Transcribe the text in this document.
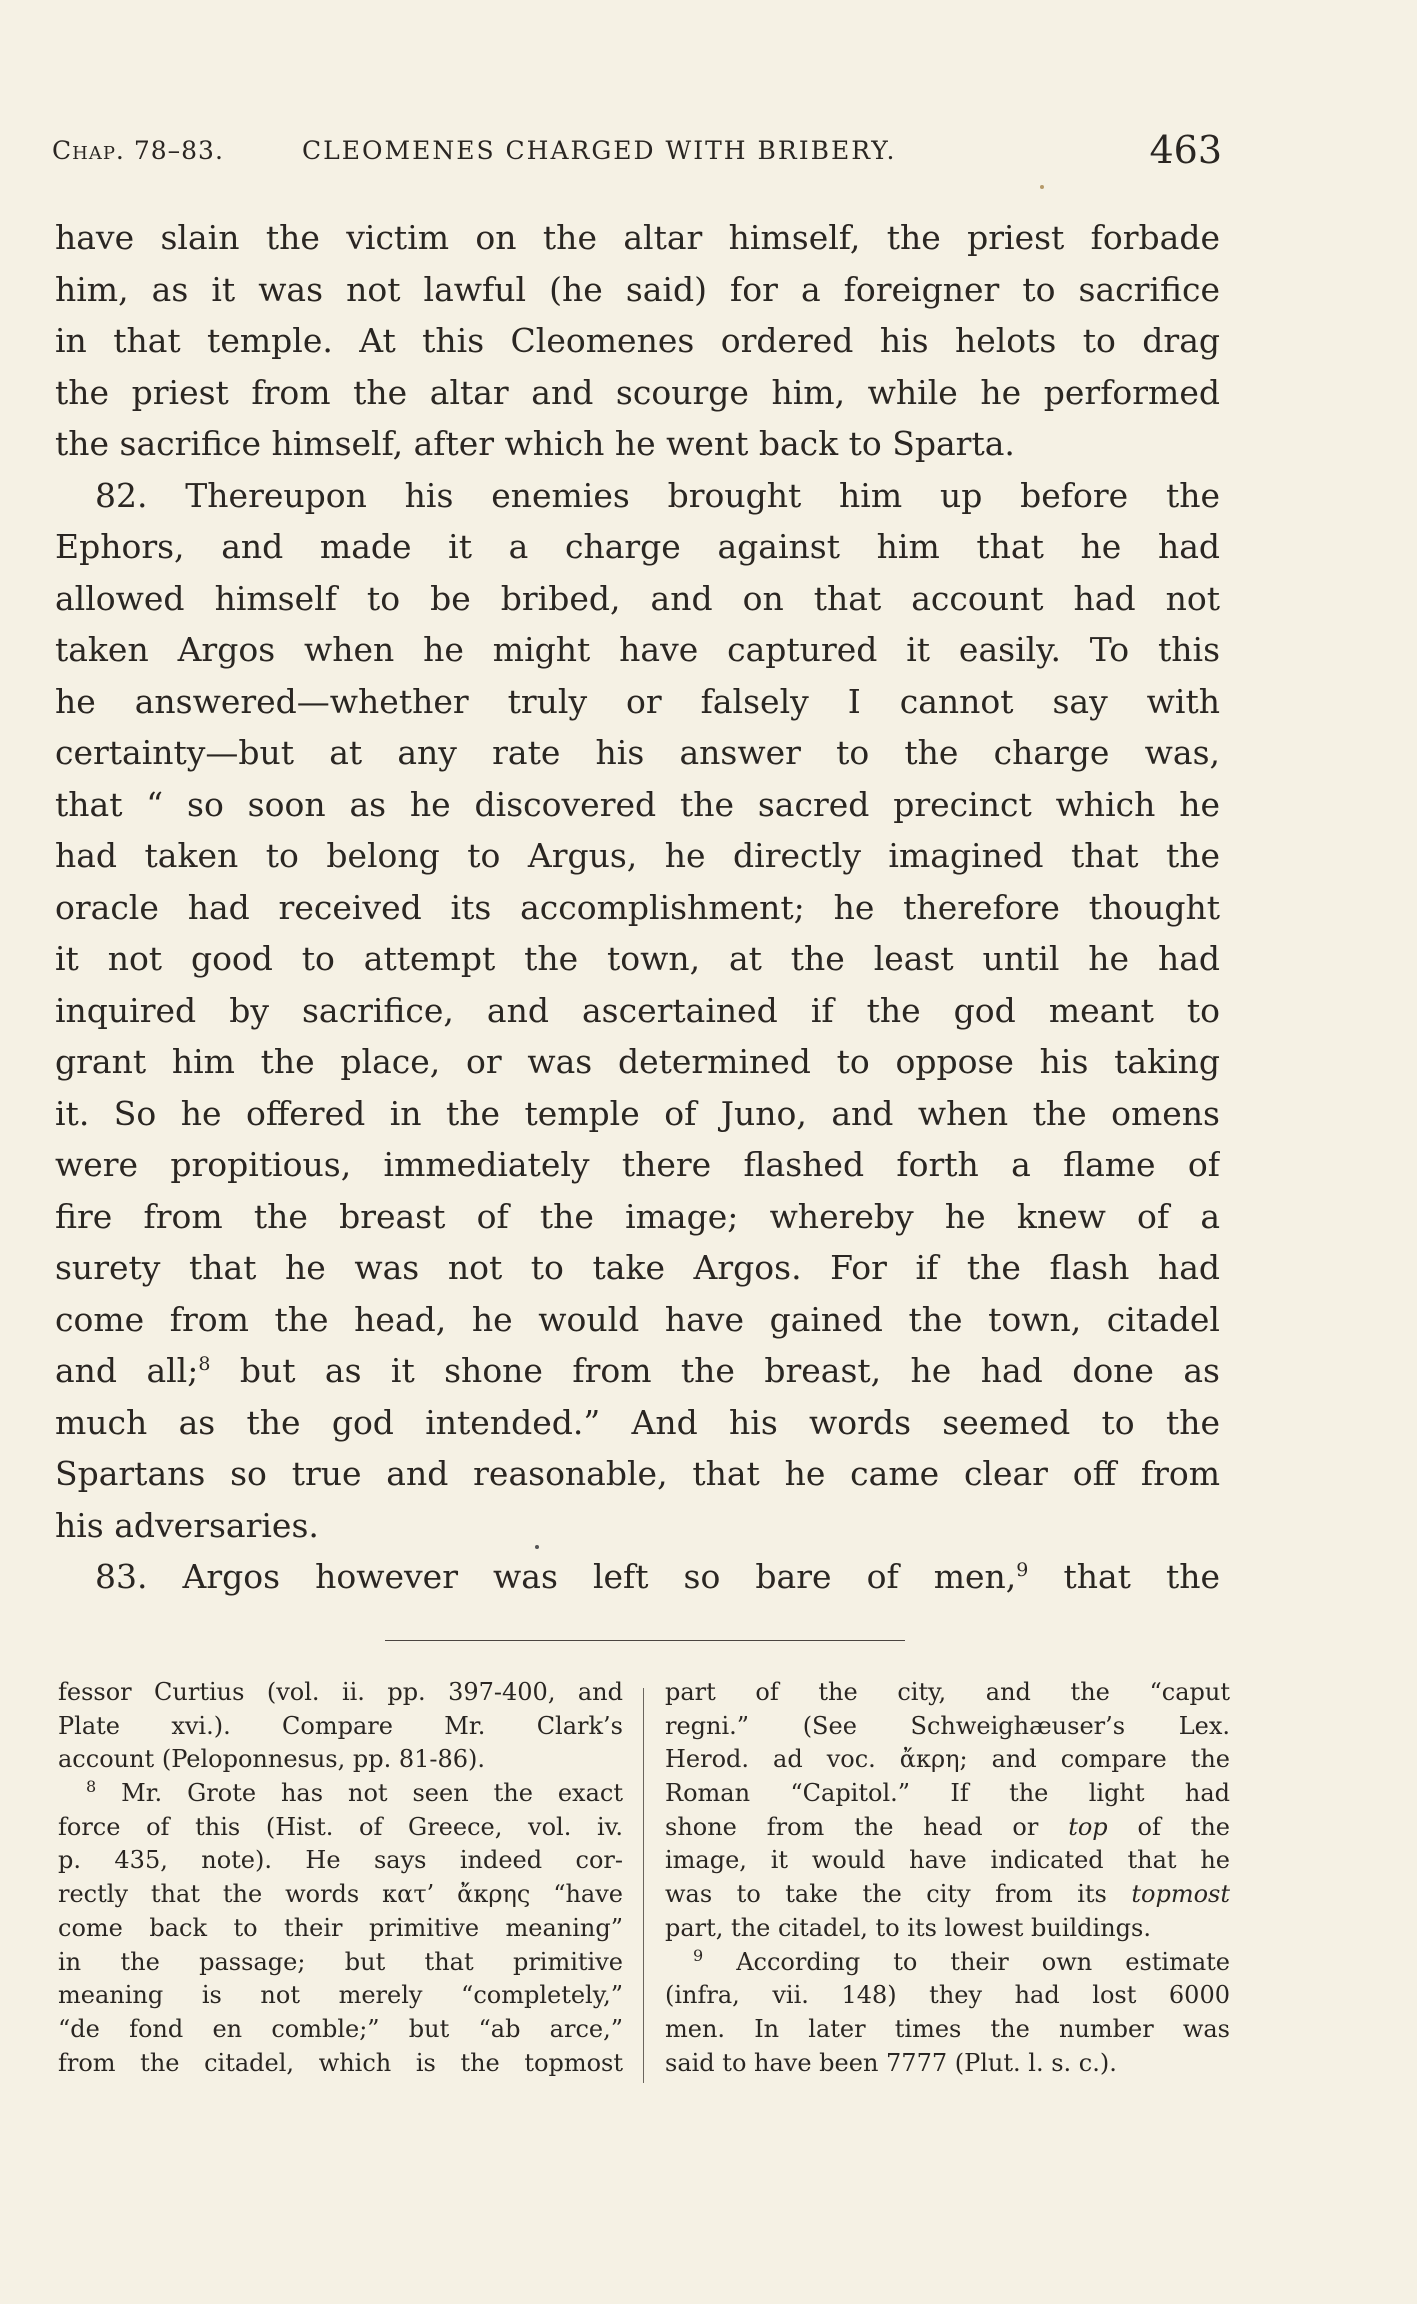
Chap. 78–83.	CLEOMENES CHARGED WITH BRIBERY.	463
have slain the victim on the altar himself, the priest forbade
him, as it was not lawful (he said) for a foreigner to sacrifice
in that temple. At this Cleomenes ordered his helots to drag
the priest from the altar and scourge him, while he performed
the sacrifice himself, after which he went back to Sparta.
82. Thereupon his enemies brought him up before the
Ephors, and made it a charge against him that he had
allowed himself to be bribed, and on that account had not
taken Argos when he might have captured it easily. To this
he answered—whether truly or falsely I cannot say with
certainty—but at any rate his answer to the charge was,
that “ so soon as he discovered the sacred precinct which he
had taken to belong to Argus, he directly imagined that the
oracle had received its accomplishment; he therefore thought
it not good to attempt the town, at the least until he had
inquired by sacrifice, and ascertained if the god meant to
grant him the place, or was determined to oppose his taking
it. So he offered in the temple of Juno, and when the omens
were propitious, immediately there flashed forth a flame of
fire from the breast of the image; whereby he knew of a
surety that he was not to take Argos. For if the flash had
come from the head, he would have gained the town, citadel
and all;$^8$ but as it shone from the breast, he had done as
much as the god intended.” And his words seemed to the
Spartans so true and reasonable, that he came clear off from
his adversaries.
83. Argos however was left so bare of men,$^9$ that the
fessor Curtius (vol. ii. pp. 397-400, and
Plate xvi.). Compare Mr. Clark’s
account (Peloponnesus, pp. 81-86).
$^8$ Mr. Grote has not seen the exact
force of this (Hist. of Greece, vol. iv.
p. 435, note). He says indeed cor-
rectly that the words κατ’ ἄκρης “have
come back to their primitive meaning”
in the passage; but that primitive
meaning is not merely “completely,”
“de fond en comble;” but “ab arce,”
from the citadel, which is the topmost
part of the city, and the “caput
regni.” (See Schweighæuser’s Lex.
Herod. ad voc. ἄκρη; and compare the
Roman “Capitol.” If the light had
shone from the head or top of the
image, it would have indicated that he
was to take the city from its topmost
part, the citadel, to its lowest buildings.
$^9$ According to their own estimate
(infra, vii. 148) they had lost 6000
men. In later times the number was
said to have been 7777 (Plut. l. s. c.).
